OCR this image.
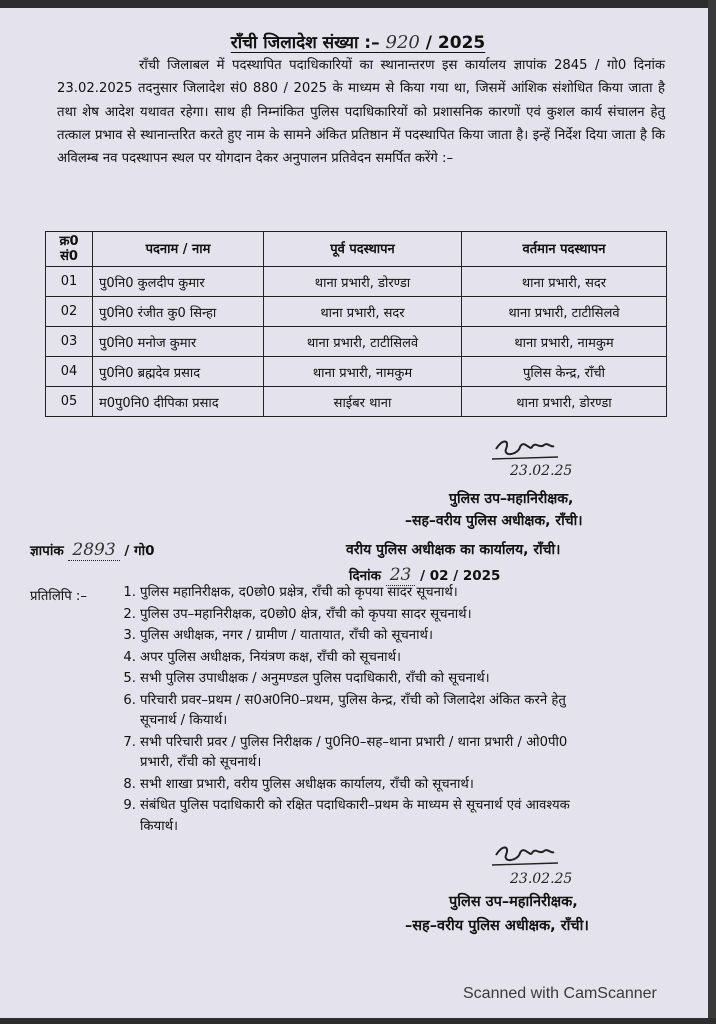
राँची जिलादेश संख्या :– 920 / 2025
राँची जिलाबल में पदस्थापित पदाधिकारियों का स्थानान्तरण इस कार्यालय ज्ञापांक 2845 / गो0 दिनांक 23.02.2025 तदनुसार जिलादेश सं0 880 / 2025 के माध्यम से किया गया था, जिसमें आंशिक संशोधित किया जाता है तथा शेष आदेश यथावत रहेगा। साथ ही निम्नांकित पुलिस पदाधिकारियों को प्रशासनिक कारणों एवं कुशल कार्य संचालन हेतु तत्काल प्रभाव से स्थानान्तरित करते हुए नाम के सामने अंकित प्रतिष्ठान में पदस्थापित किया जाता है। इन्हें निर्देश दिया जाता है कि अविलम्ब नव पदस्थापन स्थल पर योगदान देकर अनुपालन प्रतिवेदन समर्पित करेंगे :–
क्र0
सं0	पदनाम / नाम	पूर्व पदस्थापन	वर्तमान पदस्थापन
01	पु0नि0 कुलदीप कुमार	थाना प्रभारी, डोरण्डा	थाना प्रभारी, सदर
02	पु0नि0 रंजीत कु0 सिन्हा	थाना प्रभारी, सदर	थाना प्रभारी, टाटीसिलवे
03	पु0नि0 मनोज कुमार	थाना प्रभारी, टाटीसिलवे	थाना प्रभारी, नामकुम
04	पु0नि0 ब्रह्मदेव प्रसाद	थाना प्रभारी, नामकुम	पुलिस केन्द्र, राँची
05	म0पु0नि0 दीपिका प्रसाद	साईबर थाना	थाना प्रभारी, डोरण्डा
23.02.25
पुलिस उप–महानिरीक्षक,
–सह–वरीय पुलिस अधीक्षक, राँची।
ज्ञापांक 2893 / गो0	वरीय पुलिस अधीक्षक का कार्यालय, राँची।
दिनांक 23 / 02 / 2025
प्रतिलिपि :–	1. पुलिस महानिरीक्षक, द0छो0 प्रक्षेत्र, राँची को कृपया सादर सूचनार्थ।
2. पुलिस उप–महानिरीक्षक, द0छो0 क्षेत्र, राँची को कृपया सादर सूचनार्थ।
3. पुलिस अधीक्षक, नगर / ग्रामीण / यातायात, राँची को सूचनार्थ।
4. अपर पुलिस अधीक्षक, नियंत्रण कक्ष, राँची को सूचनार्थ।
5. सभी पुलिस उपाधीक्षक / अनुमण्डल पुलिस पदाधिकारी, राँची को सूचनार्थ।
6. परिचारी प्रवर–प्रथम / स0अ0नि0–प्रथम, पुलिस केन्द्र, राँची को जिलादेश अंकित करने हेतु
सूचनार्थ / कियार्थ।
7. सभी परिचारी प्रवर / पुलिस निरीक्षक / पु0नि0–सह–थाना प्रभारी / थाना प्रभारी / ओ0पी0
प्रभारी, राँची को सूचनार्थ।
8. सभी शाखा प्रभारी, वरीय पुलिस अधीक्षक कार्यालय, राँची को सूचनार्थ।
9. संबंधित पुलिस पदाधिकारी को रक्षित पदाधिकारी–प्रथम के माध्यम से सूचनार्थ एवं आवश्यक
कियार्थ।
23.02.25
पुलिस उप–महानिरीक्षक,
–सह–वरीय पुलिस अधीक्षक, राँची।
Scanned with CamScanner
